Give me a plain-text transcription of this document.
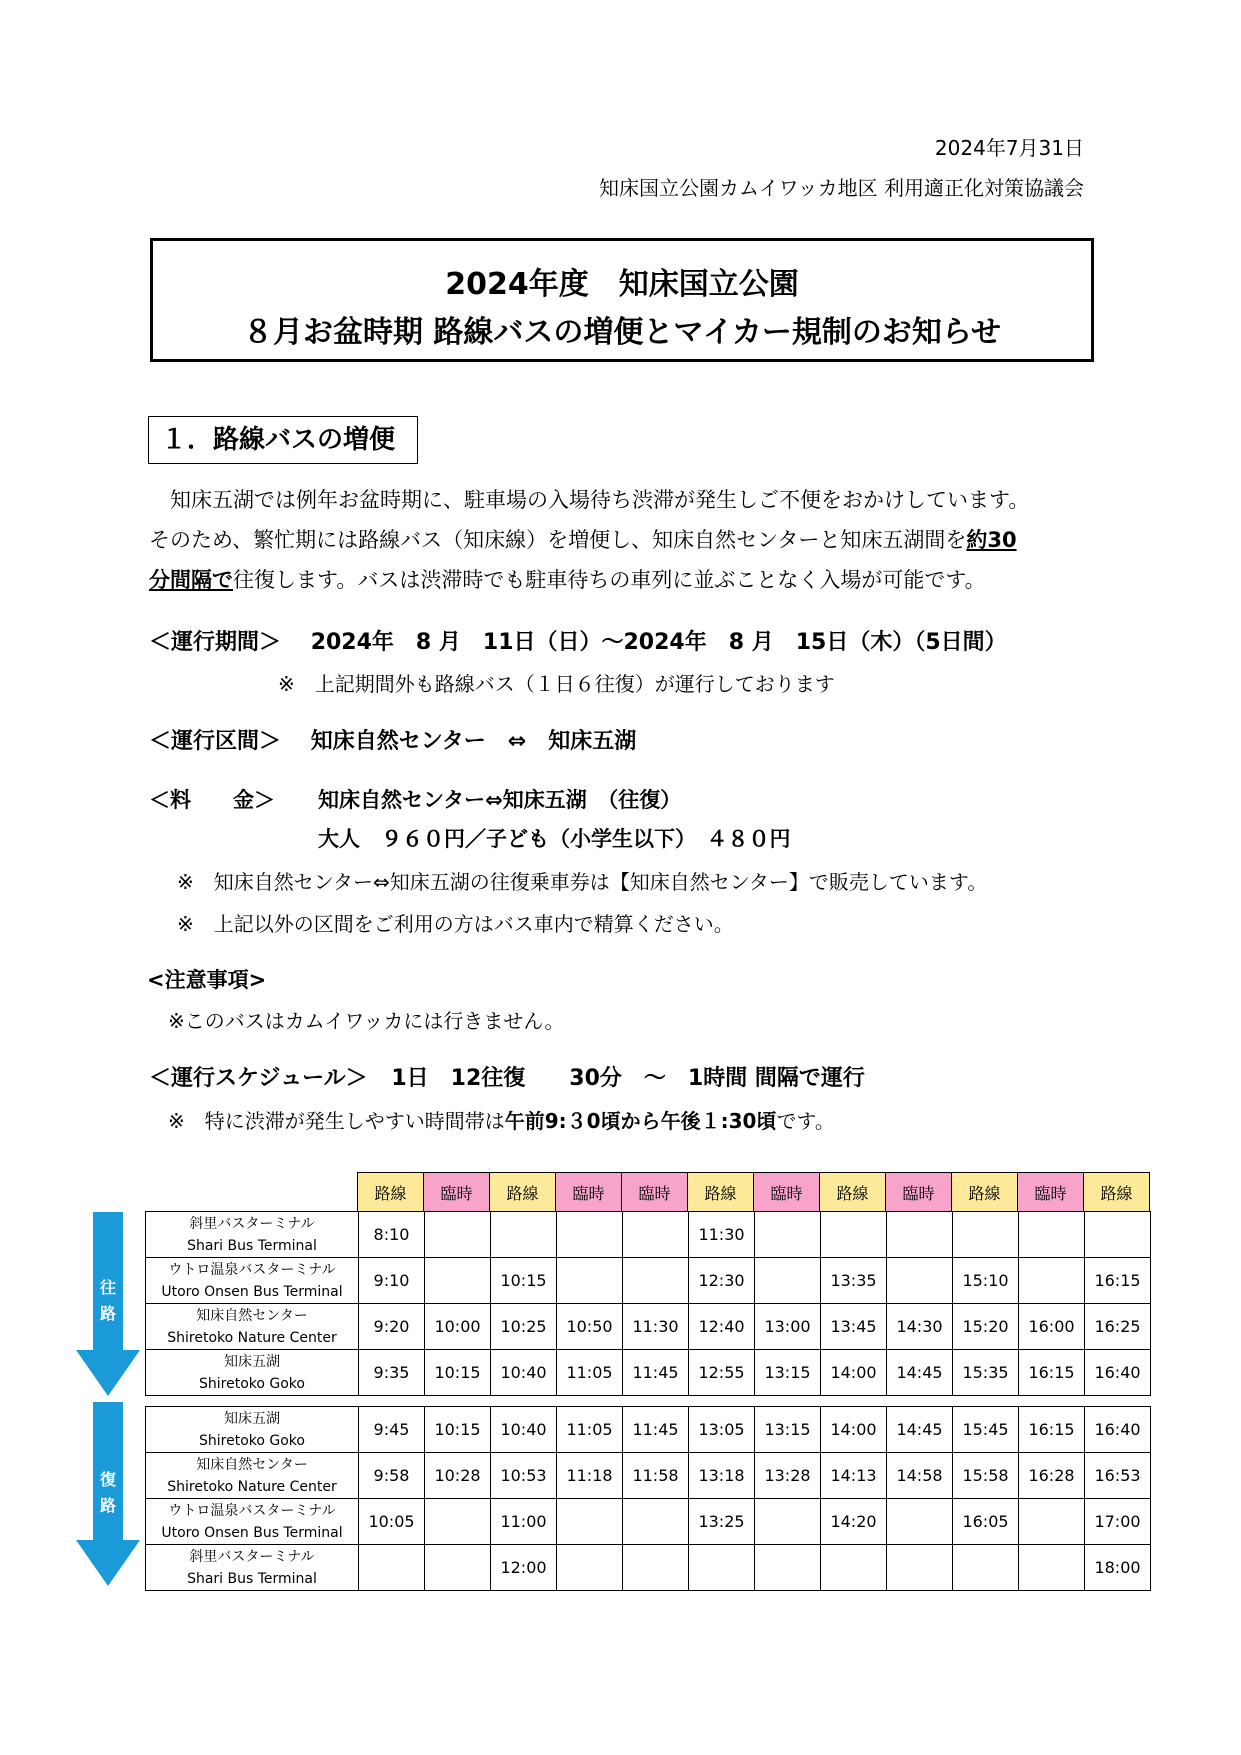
2024年7月31日
知床国立公園カムイワッカ地区 利用適正化対策協議会
2024年度　知床国立公園
８月お盆時期 路線バスの増便とマイカー規制のお知らせ
１．路線バスの増便
知床五湖では例年お盆時期に、駐車場の入場待ち渋滞が発生しご不便をおかけしています。
そのため、繁忙期には路線バス（知床線）を増便し、知床自然センターと知床五湖間を約30
分間隔で往復します。バスは渋滞時でも駐車待ちの車列に並ぶことなく入場が可能です。
＜運行期間＞ 2024年　8 月　11日（日）〜2024年　8 月　15日（木）（5日間）
※　上記期間外も路線バス（１日６往復）が運行しております
＜運行区間＞ 知床自然センター　⇔　知床五湖
＜料　　金＞ 知床自然センター⇔知床五湖　（往復）
大人　９６０円／子ども（小学生以下）　４８０円
※　知床自然センター⇔知床五湖の往復乗車券は【知床自然センター】で販売しています。
※　上記以外の区間をご利用の方はバス車内で精算ください。
<注意事項>
※このバスはカムイワッカには行きません。
＜運行スケジュール＞ 1日　12往復　　30分　〜　1時間 間隔で運行
※　特に渋滞が発生しやすい時間帯は午前9:３0頃から午後１:30頃です。
往
路
復
路
路線	臨時	路線	臨時	臨時	路線	臨時	路線	臨時	路線	臨時	路線
斜里バスターミナル
Shari Bus Terminal	8:10					11:30						

ウトロ温泉バスターミナル
Utoro Onsen Bus Terminal	9:10		10:15			12:30		13:35		15:10		16:15

知床自然センター
Shiretoko Nature Center	9:20	10:00	10:25	10:50	11:30	12:40	13:00	13:45	14:30	15:20	16:00	16:25

知床五湖
Shiretoko Goko	9:35	10:15	10:40	11:05	11:45	12:55	13:15	14:00	14:45	15:35	16:15	16:40
知床五湖
Shiretoko Goko	9:45	10:15	10:40	11:05	11:45	13:05	13:15	14:00	14:45	15:45	16:15	16:40

知床自然センター
Shiretoko Nature Center	9:58	10:28	10:53	11:18	11:58	13:18	13:28	14:13	14:58	15:58	16:28	16:53

ウトロ温泉バスターミナル
Utoro Onsen Bus Terminal	10:05		11:00			13:25		14:20		16:05		17:00

斜里バスターミナル
Shari Bus Terminal			12:00									18:00
